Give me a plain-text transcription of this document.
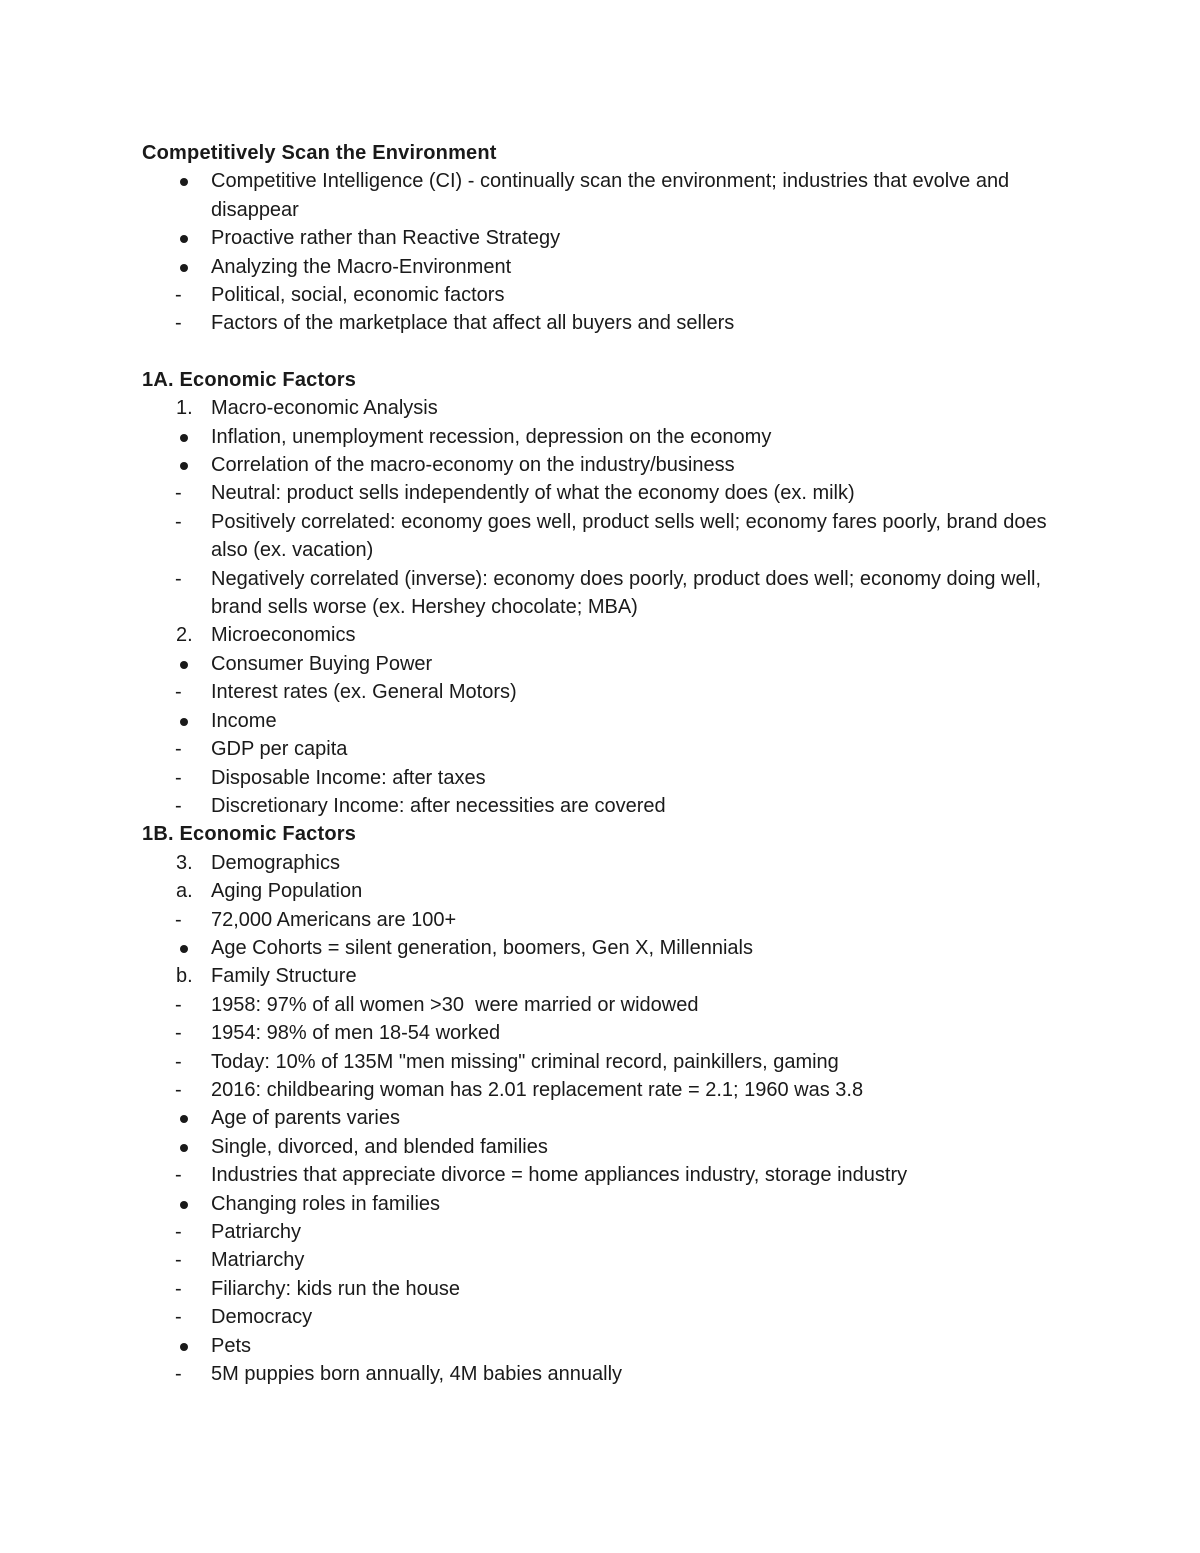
Competitively Scan the Environment
Competitive Intelligence (CI) - continually scan the environment; industries that evolve and disappear
Proactive rather than Reactive Strategy
Analyzing the Macro-Environment
-	Political, social, economic factors
-	Factors of the marketplace that affect all buyers and sellers
1A. Economic Factors
1. Macro-economic Analysis
Inflation, unemployment recession, depression on the economy
Correlation of the macro-economy on the industry/business
-	Neutral: product sells independently of what the economy does (ex. milk)
-	Positively correlated: economy goes well, product sells well; economy fares poorly, brand does also (ex. vacation)
-	Negatively correlated (inverse): economy does poorly, product does well; economy doing well, brand sells worse (ex. Hershey chocolate; MBA)
2. Microeconomics
Consumer Buying Power
-	Interest rates (ex. General Motors)
Income
-	GDP per capita
-	Disposable Income: after taxes
-	Discretionary Income: after necessities are covered
1B. Economic Factors
3. Demographics
a. Aging Population
-	72,000 Americans are 100+
Age Cohorts = silent generation, boomers, Gen X, Millennials
b. Family Structure
-	1958: 97% of all women >30  were married or widowed
-	1954: 98% of men 18-54 worked
-	Today: 10% of 135M "men missing" criminal record, painkillers, gaming
-	2016: childbearing woman has 2.01 replacement rate = 2.1; 1960 was 3.8
Age of parents varies
Single, divorced, and blended families
-	Industries that appreciate divorce = home appliances industry, storage industry
Changing roles in families
-	Patriarchy
-	Matriarchy
-	Filiarchy: kids run the house
-	Democracy
Pets
-	5M puppies born annually, 4M babies annually
